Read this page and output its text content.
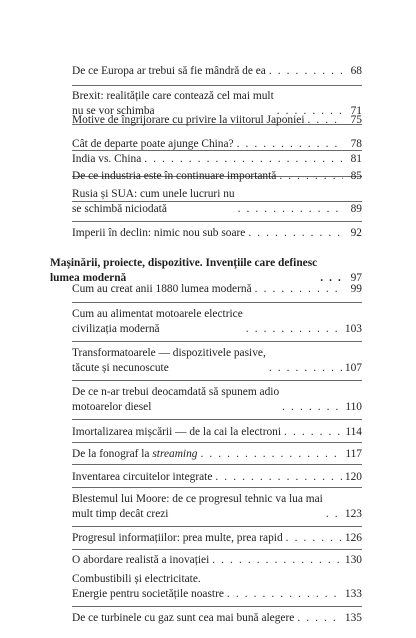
De ce Europa ar trebui să fie mândră de ea . . .	68
Brexit: realitățile care contează cel mai mult
nu se vor schimba . . .	71
Motive de îngrijorare cu privire la viitorul Japoniei . . .	75
Cât de departe poate ajunge China? . . .	78
India vs. China . . .	81
De ce industria este în continuare importantă . . .	85
Rusia și SUA: cum unele lucruri nu
se schimbă niciodată . . .	89
Imperii în declin: nimic nou sub soare . . .	92
Mașinării, proiecte, dispozitive. Invențiile care definesc
lumea modernă . . .	97
Cum au creat anii 1880 lumea modernă . . .	99
Cum au alimentat motoarele electrice
civilizația modernă . . .	103
Transformatoarele — dispozitivele pasive,
tăcute și necunoscute . . .	107
De ce n-ar trebui deocamdată să spunem adio
motoarelor diesel . . .	110
Imortalizarea mișcării — de la cai la electroni . . .	114
De la fonograf la streaming . . .	117
Inventarea circuitelor integrate . . .	120
Blestemul lui Moore: de ce progresul tehnic va lua mai
mult timp decât crezi . . .	123
Progresul informațiilor: prea multe, prea rapid . . .	126
O abordare realistă a inovației . . .	130
Combustibili și electricitate.
Energie pentru societățile noastre . . .	133
De ce turbinele cu gaz sunt cea mai bună alegere . . .	135
